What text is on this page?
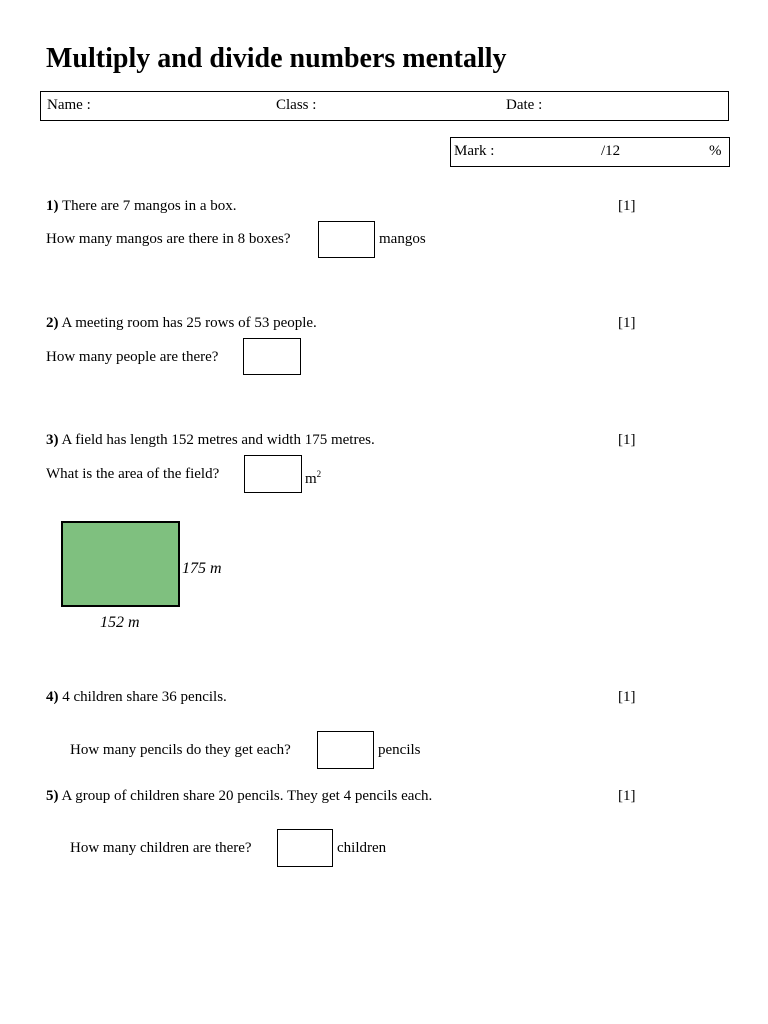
Multiply and divide numbers mentally
Name :	Class :	Date :
Mark :	/12	%
1) There are 7 mangos in a box.	[1]
How many mangos are there in 8 boxes?	mangos
2) A meeting room has 25 rows of 53 people.	[1]
How many people are there?
3) A field has length 152 metres and width 175 metres.	[1]
What is the area of the field?	$m^2$
175 m
152 m
4) 4 children share 36 pencils.	[1]
How many pencils do they get each?	pencils
5) A group of children share 20 pencils. They get 4 pencils each.	[1]
How many children are there?	children
